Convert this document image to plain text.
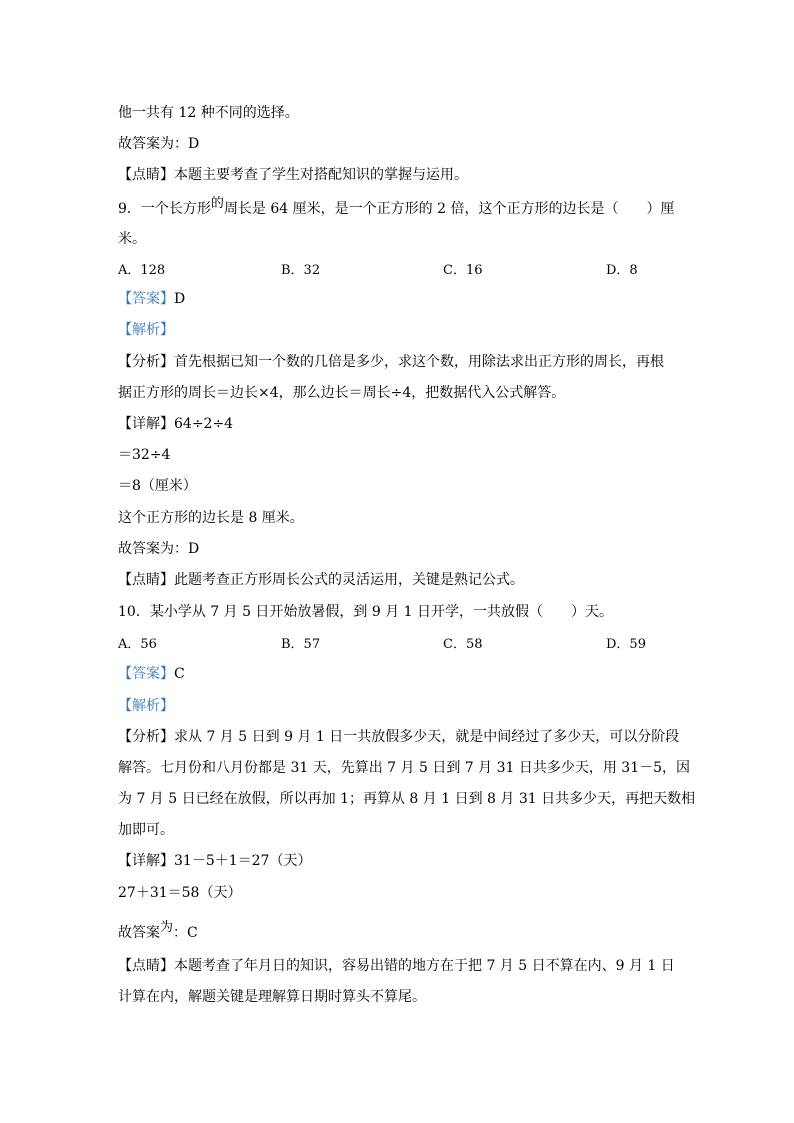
他一共有 12 种不同的选择。
故答案为：D
【点睛】本题主要考查了学生对搭配知识的掌握与运用。
9．一个长方形的周长是 64 厘米，是一个正方形的 2 倍，这个正方形的边长是（　　）厘
米。
A．128	B．32	C．16	D．8
【答案】D
【解析】
【分析】首先根据已知一个数的几倍是多少，求这个数，用除法求出正方形的周长，再根
据正方形的周长＝边长×4，那么边长＝周长÷4，把数据代入公式解答。
【详解】64÷2÷4
＝32÷4
＝8（厘米）
这个正方形的边长是 8 厘米。
故答案为：D
【点睛】此题考查正方形周长公式的灵活运用，关键是熟记公式。
10．某小学从 7 月 5 日开始放暑假，到 9 月 1 日开学，一共放假（　　）天。
A．56	B．57	C．58	D．59
【答案】C
【解析】
【分析】求从 7 月 5 日到 9 月 1 日一共放假多少天，就是中间经过了多少天，可以分阶段
解答。七月份和八月份都是 31 天，先算出 7 月 5 日到 7 月 31 日共多少天，用 31－5，因
为 7 月 5 日已经在放假，所以再加 1；再算从 8 月 1 日到 8 月 31 日共多少天，再把天数相
加即可。
【详解】31－5＋1＝27（天）
27＋31＝58（天）
故答案为：C
【点睛】本题考查了年月日的知识，容易出错的地方在于把 7 月 5 日不算在内、9 月 1 日
计算在内，解题关键是理解算日期时算头不算尾。
